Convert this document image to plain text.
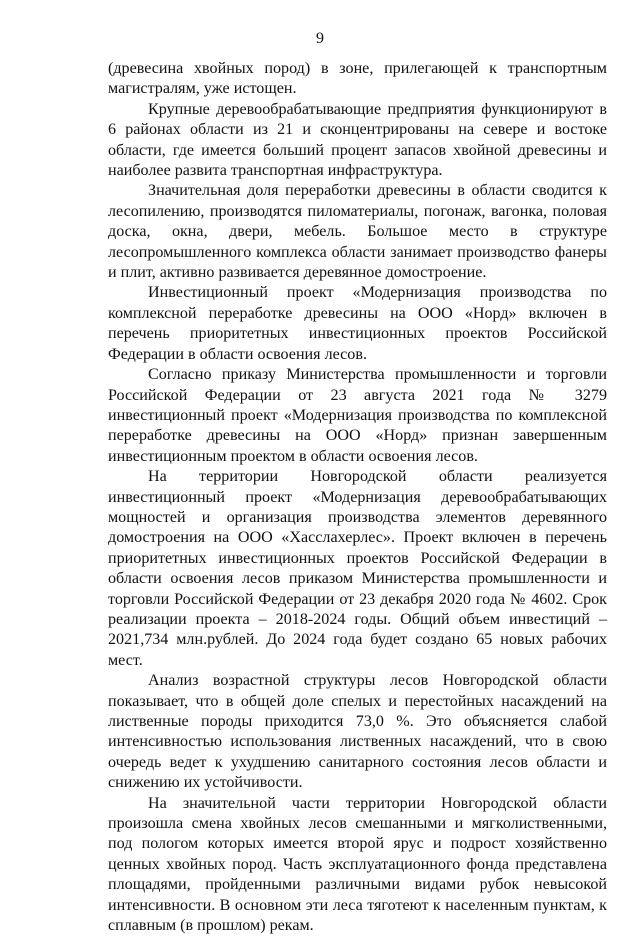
9

(древесина хвойных пород) в зоне, прилегающей к транспортным магистралям, уже истощен.

Крупные деревообрабатывающие предприятия функционируют в 6 районах области из 21 и сконцентрированы на севере и востоке области, где имеется больший процент запасов хвойной древесины и наиболее развита транспортная инфраструктура.

Значительная доля переработки древесины в области сводится к лесопилению, производятся пиломатериалы, погонаж, вагонка, половая доска, окна, двери, мебель. Большое место в структуре лесопромышленного комплекса области занимает производство фанеры и плит, активно развивается деревянное домостроение.

Инвестиционный проект «Модернизация производства по комплексной переработке древесины на ООО «Норд» включен в перечень приоритетных инвестиционных проектов Российской Федерации в области освоения лесов.

Согласно приказу Министерства промышленности и торговли Российской Федерации от 23 августа 2021 года № 3279 инвестиционный проект «Модернизация производства по комплексной переработке древесины на ООО «Норд» признан завершенным инвестиционным проектом в области освоения лесов.

На территории Новгородской области реализуется инвестиционный проект «Модернизация деревообрабатывающих мощностей и организация производства элементов деревянного домостроения на ООО «Хасслахерлес». Проект включен в перечень приоритетных инвестиционных проектов Российской Федерации в области освоения лесов приказом Министерства промышленности и торговли Российской Федерации от 23 декабря 2020 года № 4602. Срок реализации проекта – 2018-2024 годы. Общий объем инвестиций – 2021,734 млн.рублей. До 2024 года будет создано 65 новых рабочих мест.

Анализ возрастной структуры лесов Новгородской области показывает, что в общей доле спелых и перестойных насаждений на лиственные породы приходится 73,0 %. Это объясняется слабой интенсивностью использования лиственных насаждений, что в свою очередь ведет к ухудшению санитарного состояния лесов области и снижению их устойчивости.

На значительной части территории Новгородской области произошла смена хвойных лесов смешанными и мягколиственными, под пологом которых имеется второй ярус и подрост хозяйственно ценных хвойных пород. Часть эксплуатационного фонда представлена площадями, пройденными различными видами рубок невысокой интенсивности. В основном эти леса тяготеют к населенным пунктам, к сплавным (в прошлом) рекам.
